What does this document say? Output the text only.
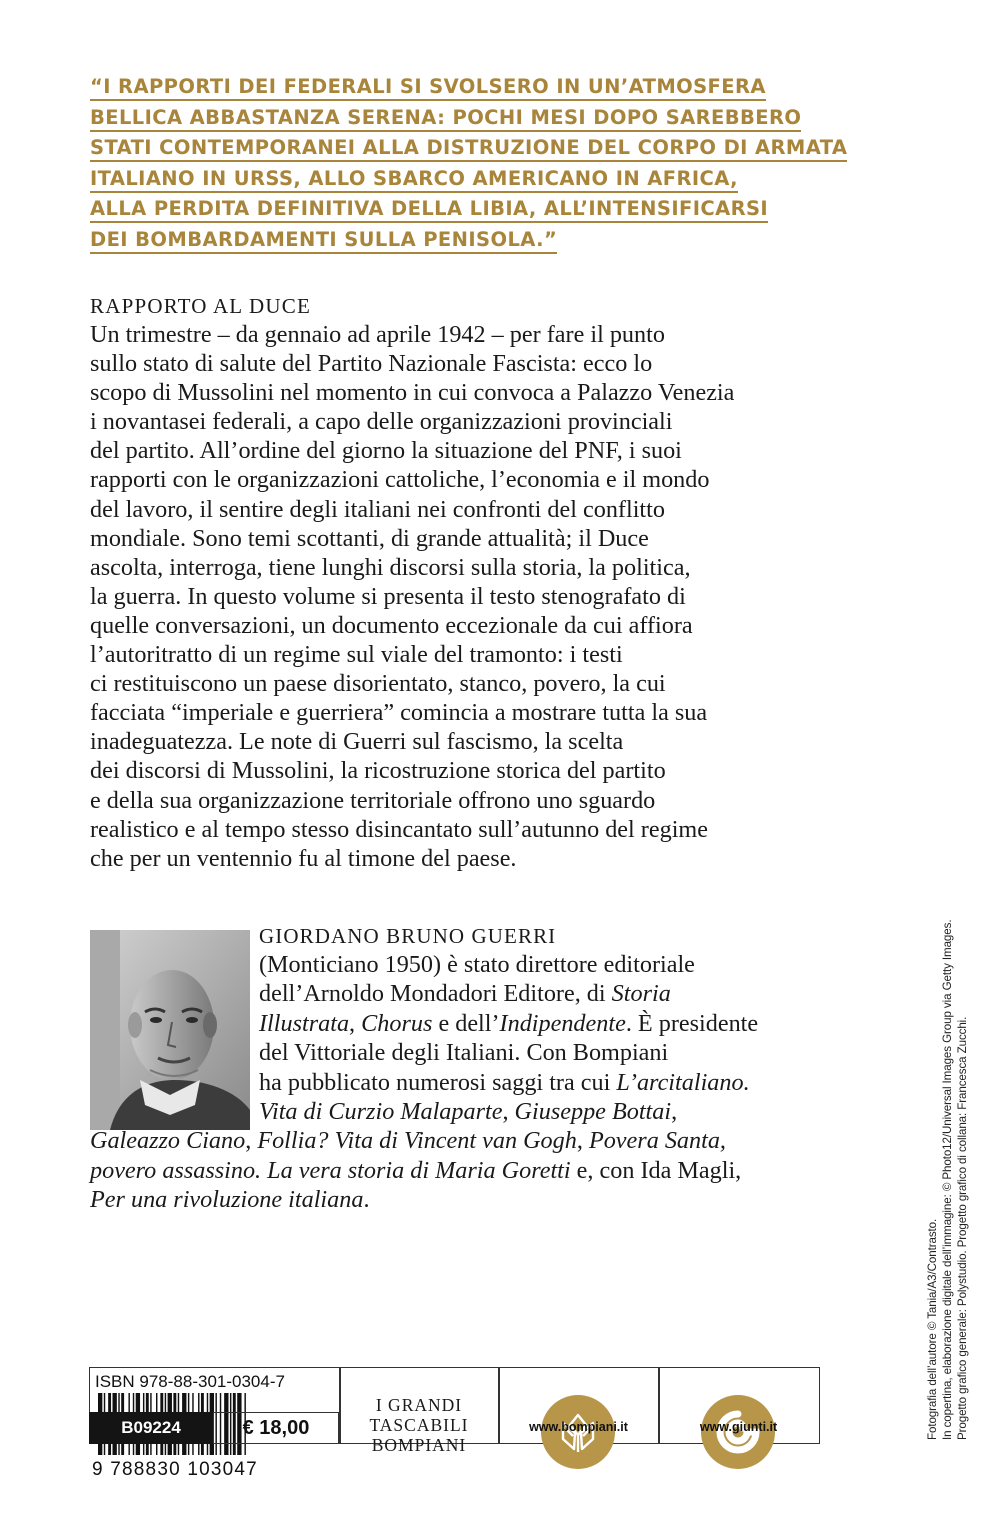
“I RAPPORTI DEI FEDERALI SI SVOLSERO IN UN’ATMOSFERA
BELLICA ABBASTANZA SERENA: POCHI MESI DOPO SAREBBERO
STATI CONTEMPORANEI ALLA DISTRUZIONE DEL CORPO DI ARMATA
ITALIANO IN URSS, ALLO SBARCO AMERICANO IN AFRICA,
ALLA PERDITA DEFINITIVA DELLA LIBIA, ALL’INTENSIFICARSI
DEI BOMBARDAMENTI SULLA PENISOLA.”
RAPPORTO AL DUCE
Un trimestre – da gennaio ad aprile 1942 – per fare il punto
sullo stato di salute del Partito Nazionale Fascista: ecco lo
scopo di Mussolini nel momento in cui convoca a Palazzo Venezia
i novantasei federali, a capo delle organizzazioni provinciali
del partito. All’ordine del giorno la situazione del PNF, i suoi
rapporti con le organizzazioni cattoliche, l’economia e il mondo
del lavoro, il sentire degli italiani nei confronti del conflitto
mondiale. Sono temi scottanti, di grande attualità; il Duce
ascolta, interroga, tiene lunghi discorsi sulla storia, la politica,
la guerra. In questo volume si presenta il testo stenografato di
quelle conversazioni, un documento eccezionale da cui affiora
l’autoritratto di un regime sul viale del tramonto: i testi
ci restituiscono un paese disorientato, stanco, povero, la cui
facciata “imperiale e guerriera” comincia a mostrare tutta la sua
inadeguatezza. Le note di Guerri sul fascismo, la scelta
dei discorsi di Mussolini, la ricostruzione storica del partito
e della sua organizzazione territoriale offrono uno sguardo
realistico e al tempo stesso disincantato sull’autunno del regime
che per un ventennio fu al timone del paese.
GIORDANO BRUNO GUERRI
(Monticiano 1950) è stato direttore editoriale
dell’Arnoldo Mondadori Editore, di Storia
Illustrata, Chorus e dell’Indipendente. È presidente
del Vittoriale degli Italiani. Con Bompiani
ha pubblicato numerosi saggi tra cui L’arcitaliano.
Vita di Curzio Malaparte, Giuseppe Bottai,
Galeazzo Ciano, Follia? Vita di Vincent van Gogh, Povera Santa,
povero assassino. La vera storia di Maria Goretti e, con Ida Magli,
Per una rivoluzione italiana.
Fotografia dell’autore © Tania/A3/Contrasto. In copertina, elaborazione digitale dell’immagine: © Photo12/Universal Images Group via Getty Images. Progetto grafico generale: Polystudio. Progetto grafico di collana: Francesca Zucchi.
ISBN 978-88-301-0304-7
9 788830 103047
B09224	€ 18,00
I GRANDI
TASCABILI
BOMPIANI
www.bompiani.it	www.giunti.it
